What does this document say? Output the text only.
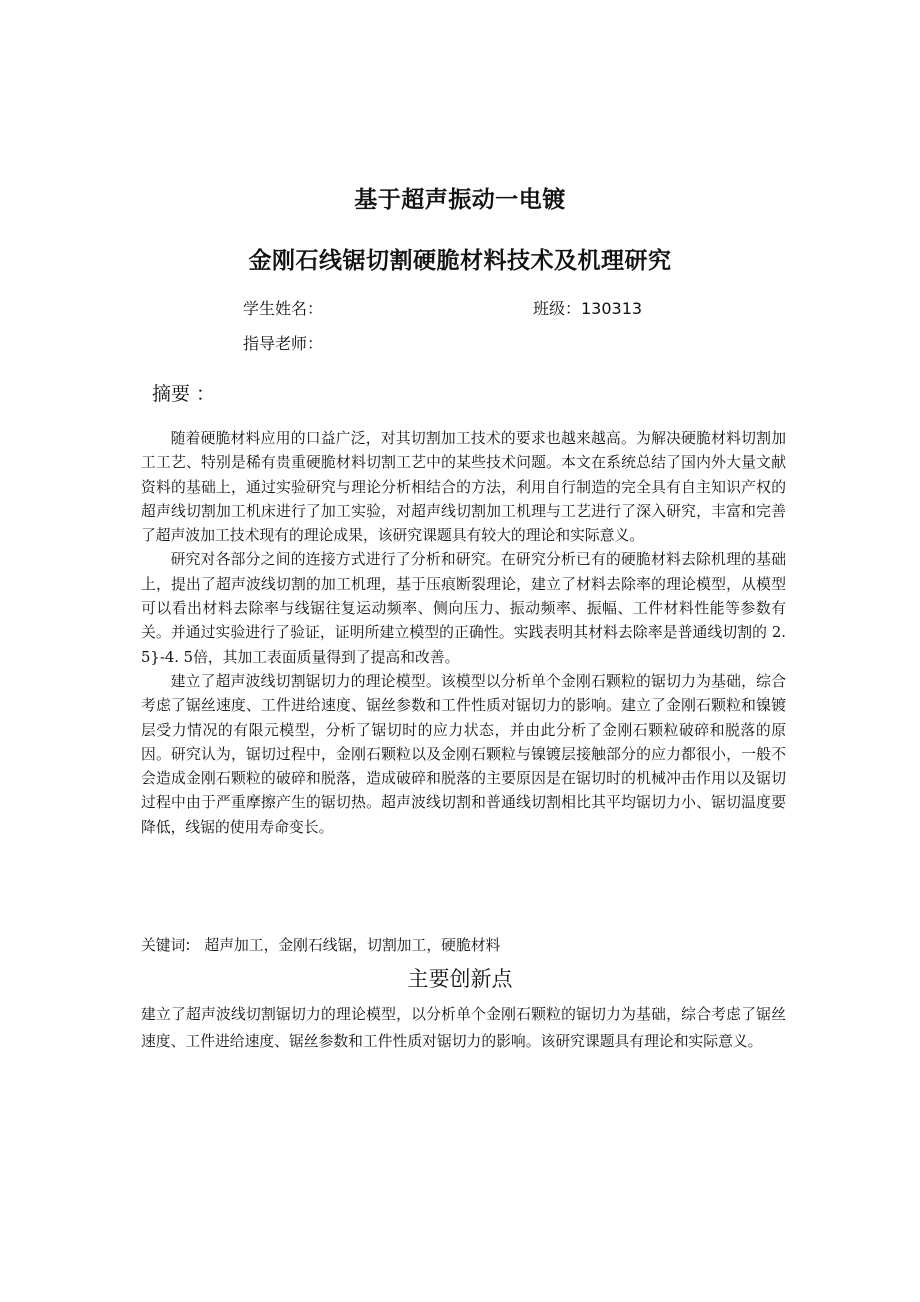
基于超声振动一电镀
金刚石线锯切割硬脆材料技术及机理研究
学生姓名：	班级：130313
指导老师：
摘要 ：

随着硬脆材料应用的口益广泛，对其切割加工技术的要求也越来越高。为解决硬脆材料切割加工工艺、特别是稀有贵重硬脆材料切割工艺中的某些技术问题。本文在系统总结了国内外大量文献资料的基础上，通过实验研究与理论分析相结合的方法，利用自行制造的完全具有自主知识产权的超声线切割加工机床进行了加工实验，对超声线切割加工机理与工艺进行了深入研究，丰富和完善了超声波加工技术现有的理论成果，该研究课题具有较大的理论和实际意义。

研究对各部分之间的连接方式进行了分析和研究。在研究分析已有的硬脆材料去除机理的基础上，提出了超声波线切割的加工机理，基于压痕断裂理论，建立了材料去除率的理论模型，从模型可以看出材料去除率与线锯往复运动频率、侧向压力、振动频率、振幅、工件材料性能等参数有关。并通过实验进行了验证，证明所建立模型的正确性。实践表明其材料去除率是普通线切割的 2. 5}-4. 5倍，其加工表面质量得到了提高和改善。

建立了超声波线切割锯切力的理论模型。该模型以分析单个金刚石颗粒的锯切力为基础，综合考虑了锯丝速度、工件进给速度、锯丝参数和工件性质对锯切力的影响。建立了金刚石颗粒和镍镀层受力情况的有限元模型，分析了锯切时的应力状态，并由此分析了金刚石颗粒破碎和脱落的原因。研究认为，锯切过程中，金刚石颗粒以及金刚石颗粒与镍镀层接触部分的应力都很小，一般不会造成金刚石颗粒的破碎和脱落，造成破碎和脱落的主要原因是在锯切时的机械冲击作用以及锯切过程中由于严重摩擦产生的锯切热。超声波线切割和普通线切割相比其平均锯切力小、锯切温度要降低，线锯的使用寿命变长。

关键词: 超声加工，金刚石线锯，切割加工，硬脆材料
主要创新点

建立了超声波线切割锯切力的理论模型，以分析单个金刚石颗粒的锯切力为基础，综合考虑了锯丝速度、工件进给速度、锯丝参数和工件性质对锯切力的影响。该研究课题具有理论和实际意义。
